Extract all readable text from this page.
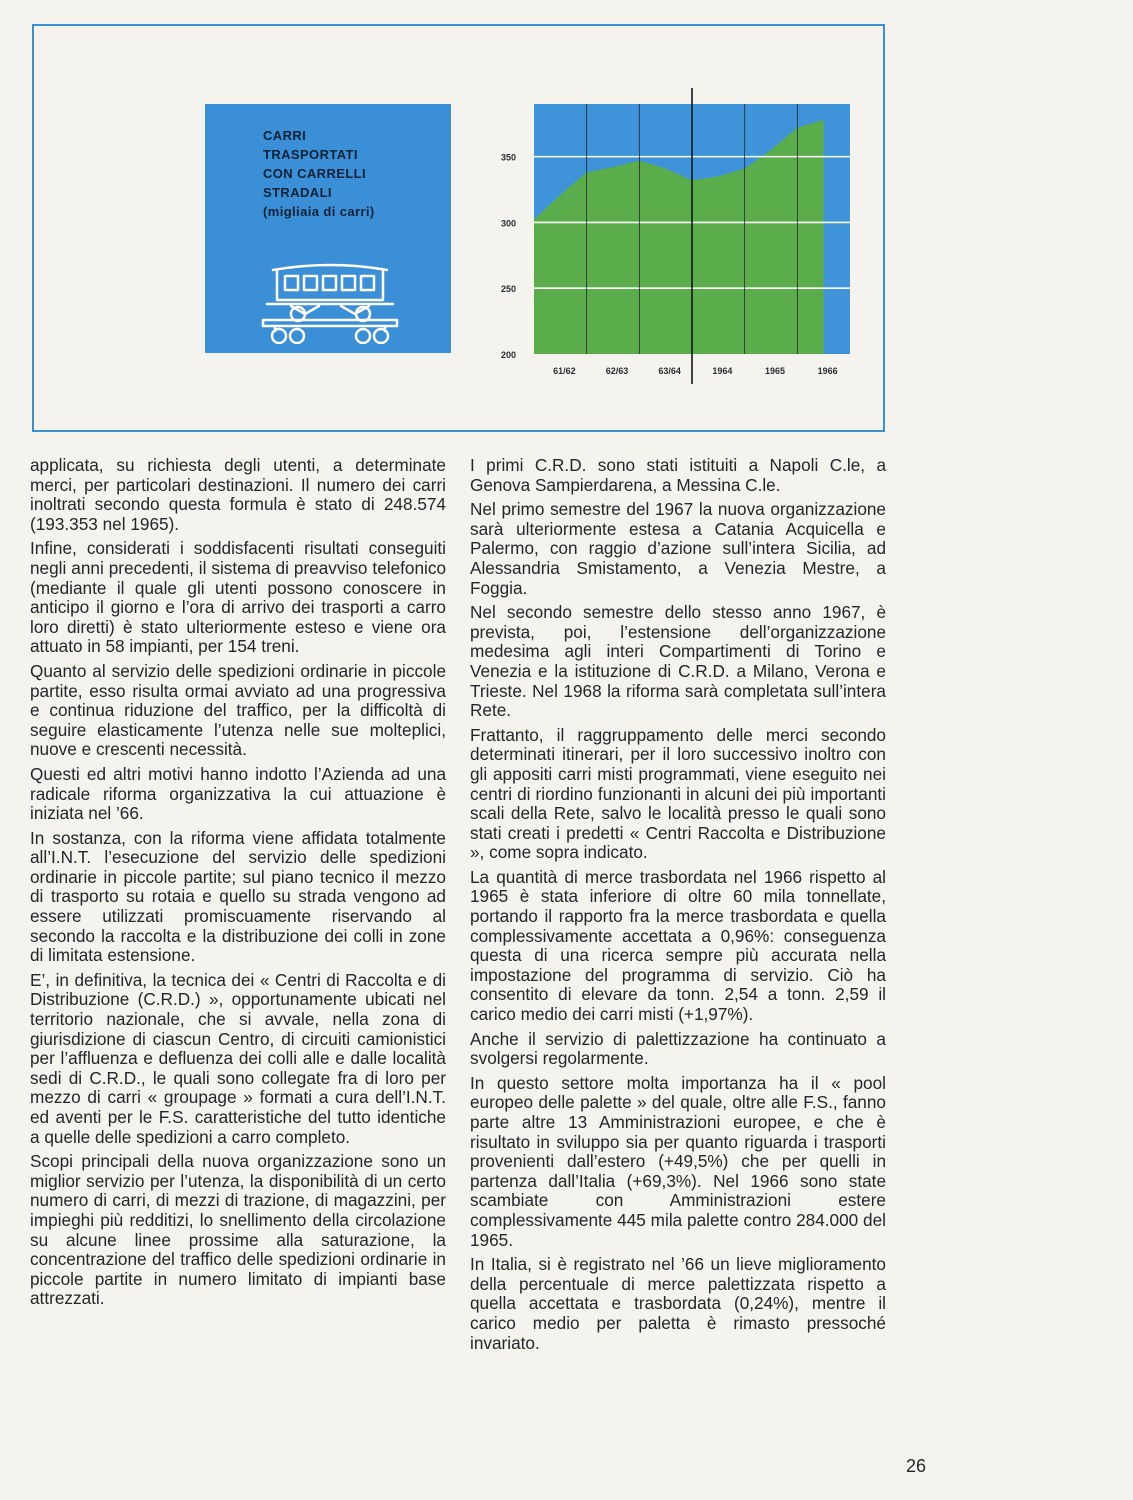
CARRI
TRASPORTATI
CON CARRELLI
STRADALI
(migliaia di carri)
200
250
300
350
61/62	62/63	63/64	1964	1965	1966

applicata, su richiesta degli utenti, a determinate merci, per particolari destinazioni. Il numero dei carri inoltrati secondo questa formula è stato di 248.574 (193.353 nel 1965).

Infine, considerati i soddisfacenti risultati conseguiti negli anni precedenti, il sistema di preavviso telefonico (mediante il quale gli utenti possono conoscere in anticipo il giorno e l’ora di arrivo dei trasporti a carro loro diretti) è stato ulteriormente esteso e viene ora attuato in 58 impianti, per 154 treni.

Quanto al servizio delle spedizioni ordinarie in piccole partite, esso risulta ormai avviato ad una progressiva e continua riduzione del traffico, per la difficoltà di seguire elasticamente l’utenza nelle sue molteplici, nuove e crescenti necessità.

Questi ed altri motivi hanno indotto l’Azienda ad una radicale riforma organizzativa la cui attuazione è iniziata nel ’66.

In sostanza, con la riforma viene affidata totalmente all’I.N.T. l’esecuzione del servizio delle spedizioni ordinarie in piccole partite; sul piano tecnico il mezzo di trasporto su rotaia e quello su strada vengono ad essere utilizzati promiscuamente riservando al secondo la raccolta e la distribuzione dei colli in zone di limitata estensione.

E’, in definitiva, la tecnica dei « Centri di Raccolta e di Distribuzione (C.R.D.) », opportunamente ubicati nel territorio nazionale, che si avvale, nella zona di giurisdizione di ciascun Centro, di circuiti camionistici per l’affluenza e defluenza dei colli alle e dalle località sedi di C.R.D., le quali sono collegate fra di loro per mezzo di carri « groupage » formati a cura dell’I.N.T. ed aventi per le F.S. caratteristiche del tutto identiche a quelle delle spedizioni a carro completo.

Scopi principali della nuova organizzazione sono un miglior servizio per l’utenza, la disponibilità di un certo numero di carri, di mezzi di trazione, di magazzini, per impieghi più redditizi, lo snellimento della circolazione su alcune linee prossime alla saturazione, la concentrazione del traffico delle spedizioni ordinarie in piccole partite in numero limitato di impianti base attrezzati.

I primi C.R.D. sono stati istituiti a Napoli C.le, a Genova Sampierdarena, a Messina C.le.

Nel primo semestre del 1967 la nuova organizzazione sarà ulteriormente estesa a Catania Acquicella e Palermo, con raggio d’azione sull’intera Sicilia, ad Alessandria Smistamento, a Venezia Mestre, a Foggia.

Nel secondo semestre dello stesso anno 1967, è prevista, poi, l’estensione dell’organizzazione medesima agli interi Compartimenti di Torino e Venezia e la istituzione di C.R.D. a Milano, Verona e Trieste. Nel 1968 la riforma sarà completata sull’intera Rete.

Frattanto, il raggruppamento delle merci secondo determinati itinerari, per il loro successivo inoltro con gli appositi carri misti programmati, viene eseguito nei centri di riordino funzionanti in alcuni dei più importanti scali della Rete, salvo le località presso le quali sono stati creati i predetti « Centri Raccolta e Distribuzione », come sopra indicato.

La quantità di merce trasbordata nel 1966 rispetto al 1965 è stata inferiore di oltre 60 mila tonnellate, portando il rapporto fra la merce trasbordata e quella complessivamente accettata a 0,96%: conseguenza questa di una ricerca sempre più accurata nella impostazione del programma di servizio. Ciò ha consentito di elevare da tonn. 2,54 a tonn. 2,59 il carico medio dei carri misti (+1,97%).

Anche il servizio di palettizzazione ha continuato a svolgersi regolarmente.

In questo settore molta importanza ha il « pool europeo delle palette » del quale, oltre alle F.S., fanno parte altre 13 Amministrazioni europee, e che è risultato in sviluppo sia per quanto riguarda i trasporti provenienti dall’estero (+49,5%) che per quelli in partenza dall’Italia (+69,3%). Nel 1966 sono state scambiate con Amministrazioni estere complessivamente 445 mila palette contro 284.000 del 1965.

In Italia, si è registrato nel ’66 un lieve miglioramento della percentuale di merce palettizzata rispetto a quella accettata e trasbordata (0,24%), mentre il carico medio per paletta è rimasto pressoché invariato.

26
